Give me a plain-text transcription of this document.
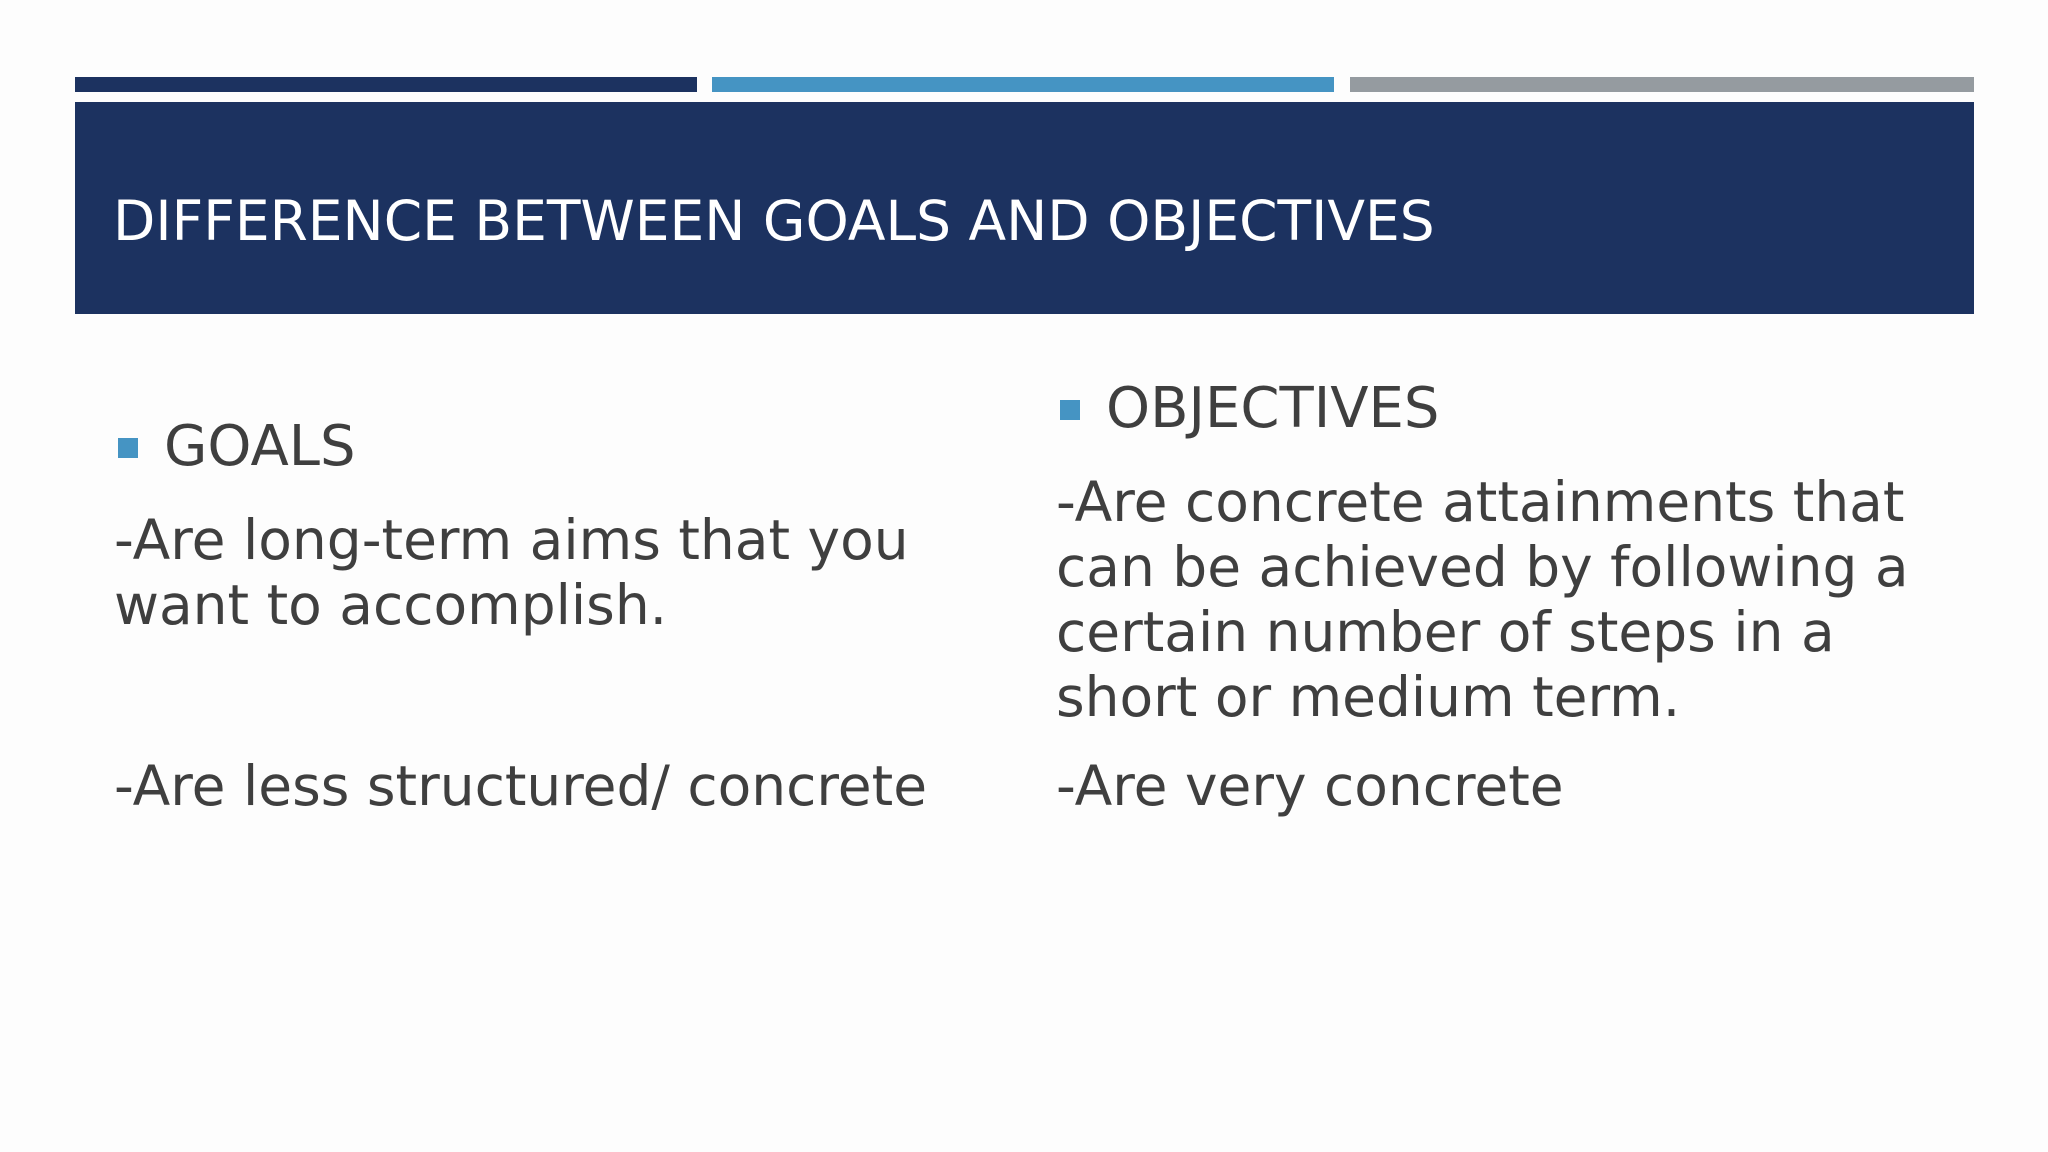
DIFFERENCE BETWEEN GOALS AND OBJECTIVES
GOALS
-Are long-term aims that you
want to accomplish.
-Are less structured/ concrete
OBJECTIVES
-Are concrete attainments that
can be achieved by following a
certain number of steps in a
short or medium term.
-Are very concrete
